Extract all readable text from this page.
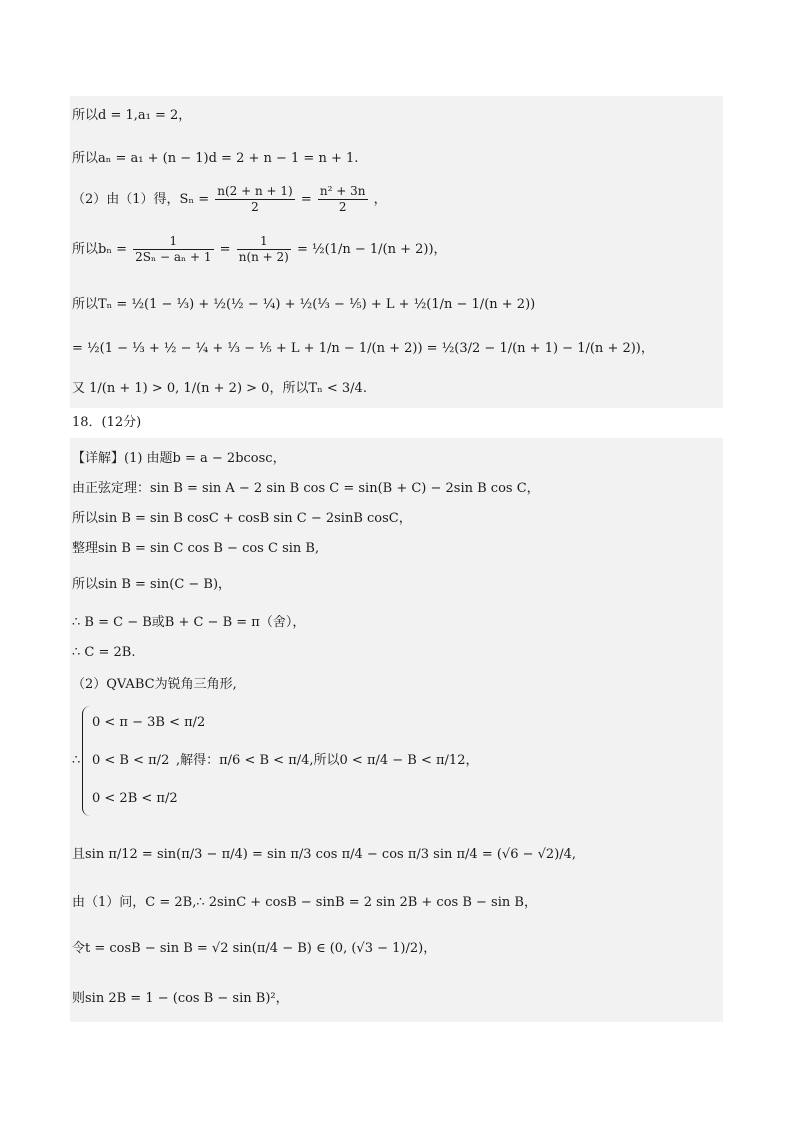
所以d = 1,a₁ = 2，
所以aₙ = a₁ + (n − 1)d = 2 + n − 1 = n + 1.
（2）由（1）得，$S_n = \frac{n(2 + n + 1)}{2} = \frac{\text{n² + 3n}}{2}$ ，
所以$b_n = \frac{1}{\text{2Sₙ − aₙ + 1}} = \frac{1}{n(n + 2)}$ = ½(1/n − 1/(n + 2))，
所以Tₙ = ½(1 − ⅓) + ½(½ − ¼) + ½(⅓ − ⅕) + L + ½(1/n − 1/(n + 2))
= ½(1 − ⅓ + ½ − ¼ + ⅓ − ⅕ + L + 1/n − 1/(n + 2)) = ½(3/2 − 1/(n + 1) − 1/(n + 2))，
又 1/(n + 1) > 0, 1/(n + 2) > 0，所以Tₙ < 3/4.
18．(12分)
【详解】(1) 由题b = a − 2bcosc，
由正弦定理：sin B = sin A − 2 sin B cos C = sin(B + C) − 2sin B cos C，
所以sin B = sin B cosC + cosB sin C − 2sinB cosC，
整理sin B = sin C cos B − cos C sin B,
所以sin B = sin(C − B)，
∴ B = C − B或B + C − B = π（舍），
∴ C = 2B.
（2）QVABC为锐角三角形,
∴
0 < π − 3B < π/2
0 < B < π/2
0 < 2B < π/2
,解得：π/6 < B < π/4,所以0 < π/4 − B < π/12，
且sin π/12 = sin(π/3 − π/4) = sin π/3 cos π/4 − cos π/3 sin π/4 = (√6 − √2)/4,
由（1）问，C = 2B,∴ 2sinC + cosB − sinB = 2 sin 2B + cos B − sin B，
令t = cosB − sin B = √2 sin(π/4 − B) ∈ (0, (√3 − 1)/2)，
则sin 2B = 1 − (cos B − sin B)²，
